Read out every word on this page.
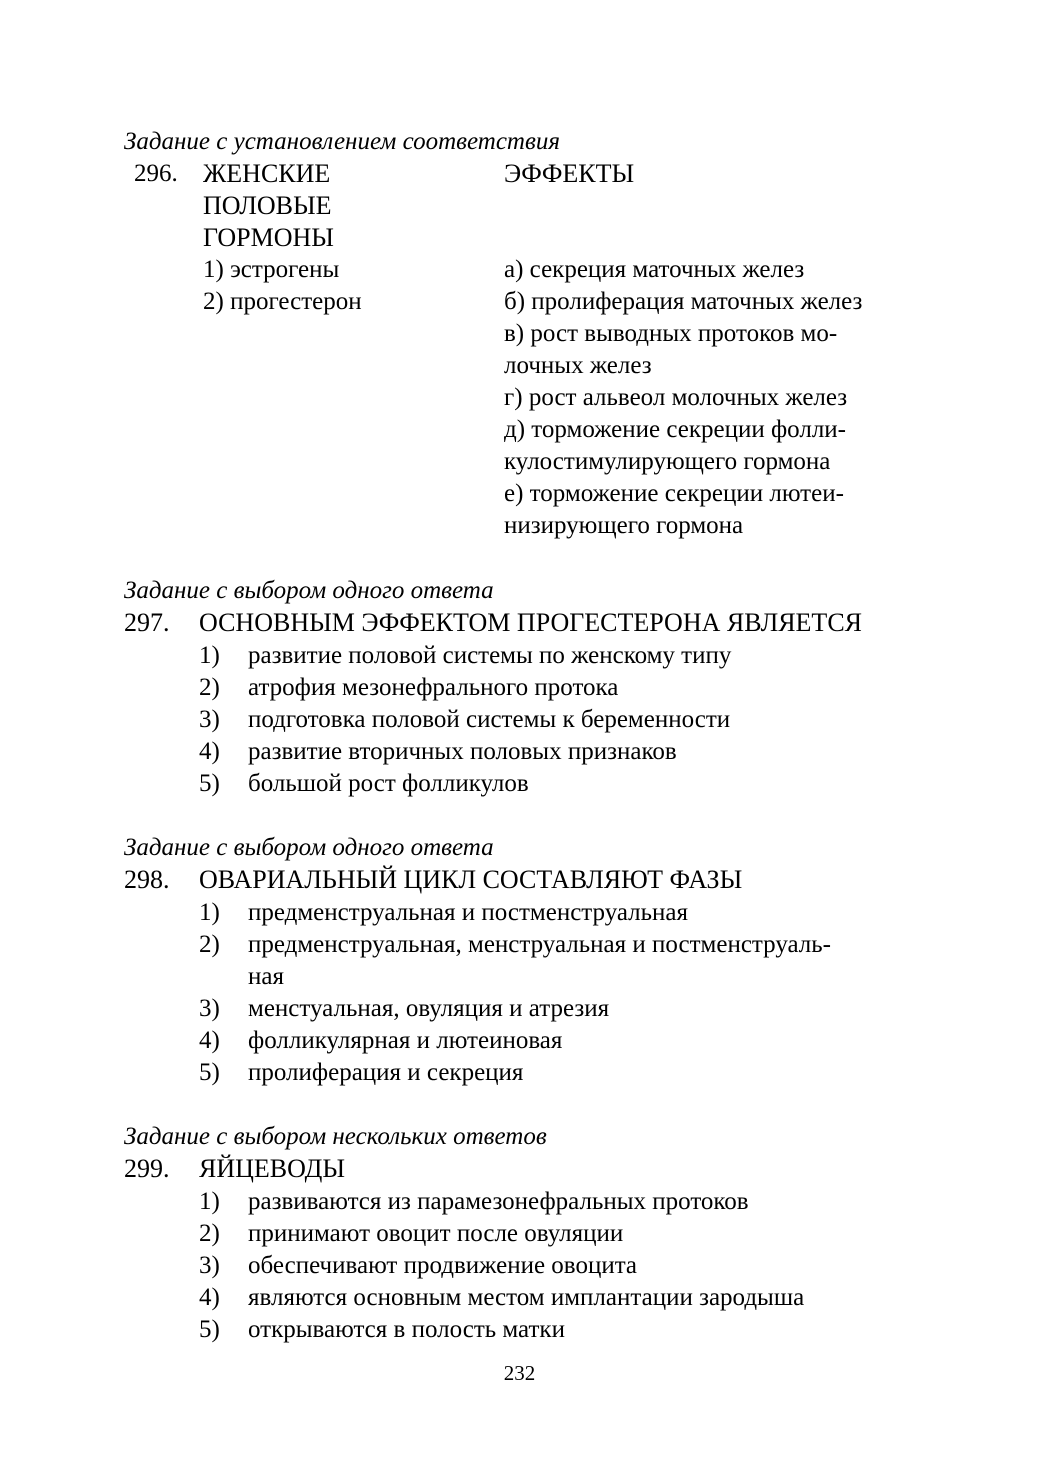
Задание с установлением соответствия
296. ЖЕНСКИЕ
ПОЛОВЫЕ
ГОРМОНЫ
ЭФФЕКТЫ
1) эстрогены
2) прогестерон
а) секреция маточных желез
б) пролиферация маточных желез
в) рост выводных протоков мо-
лочных желез
г) рост альвеол молочных желез
д) торможение секреции фолли-
кулостимулирующего гормона
е) торможение секреции лютеи-
низирующего гормона
Задание с выбором одного ответа
297. ОСНОВНЫМ ЭФФЕКТОМ ПРОГЕСТЕРОНА ЯВЛЯЕТСЯ
1) развитие половой системы по женскому типу
2) атрофия мезонефрального протока
3) подготовка половой системы к беременности
4) развитие вторичных половых признаков
5) большой рост фолликулов
Задание с выбором одного ответа
298. ОВАРИАЛЬНЫЙ ЦИКЛ СОСТАВЛЯЮТ ФАЗЫ
1) предменструальная и постменструальная
2) предменструальная, менструальная и постменструаль-
ная
3) менстуальная, овуляция и атрезия
4) фолликулярная и лютеиновая
5) пролиферация и секреция
Задание с выбором нескольких ответов
299. ЯЙЦЕВОДЫ
1) развиваются из парамезонефральных протоков
2) принимают овоцит после овуляции
3) обеспечивают продвижение овоцита
4) являются основным местом имплантации зародыша
5) открываются в полость матки
232
